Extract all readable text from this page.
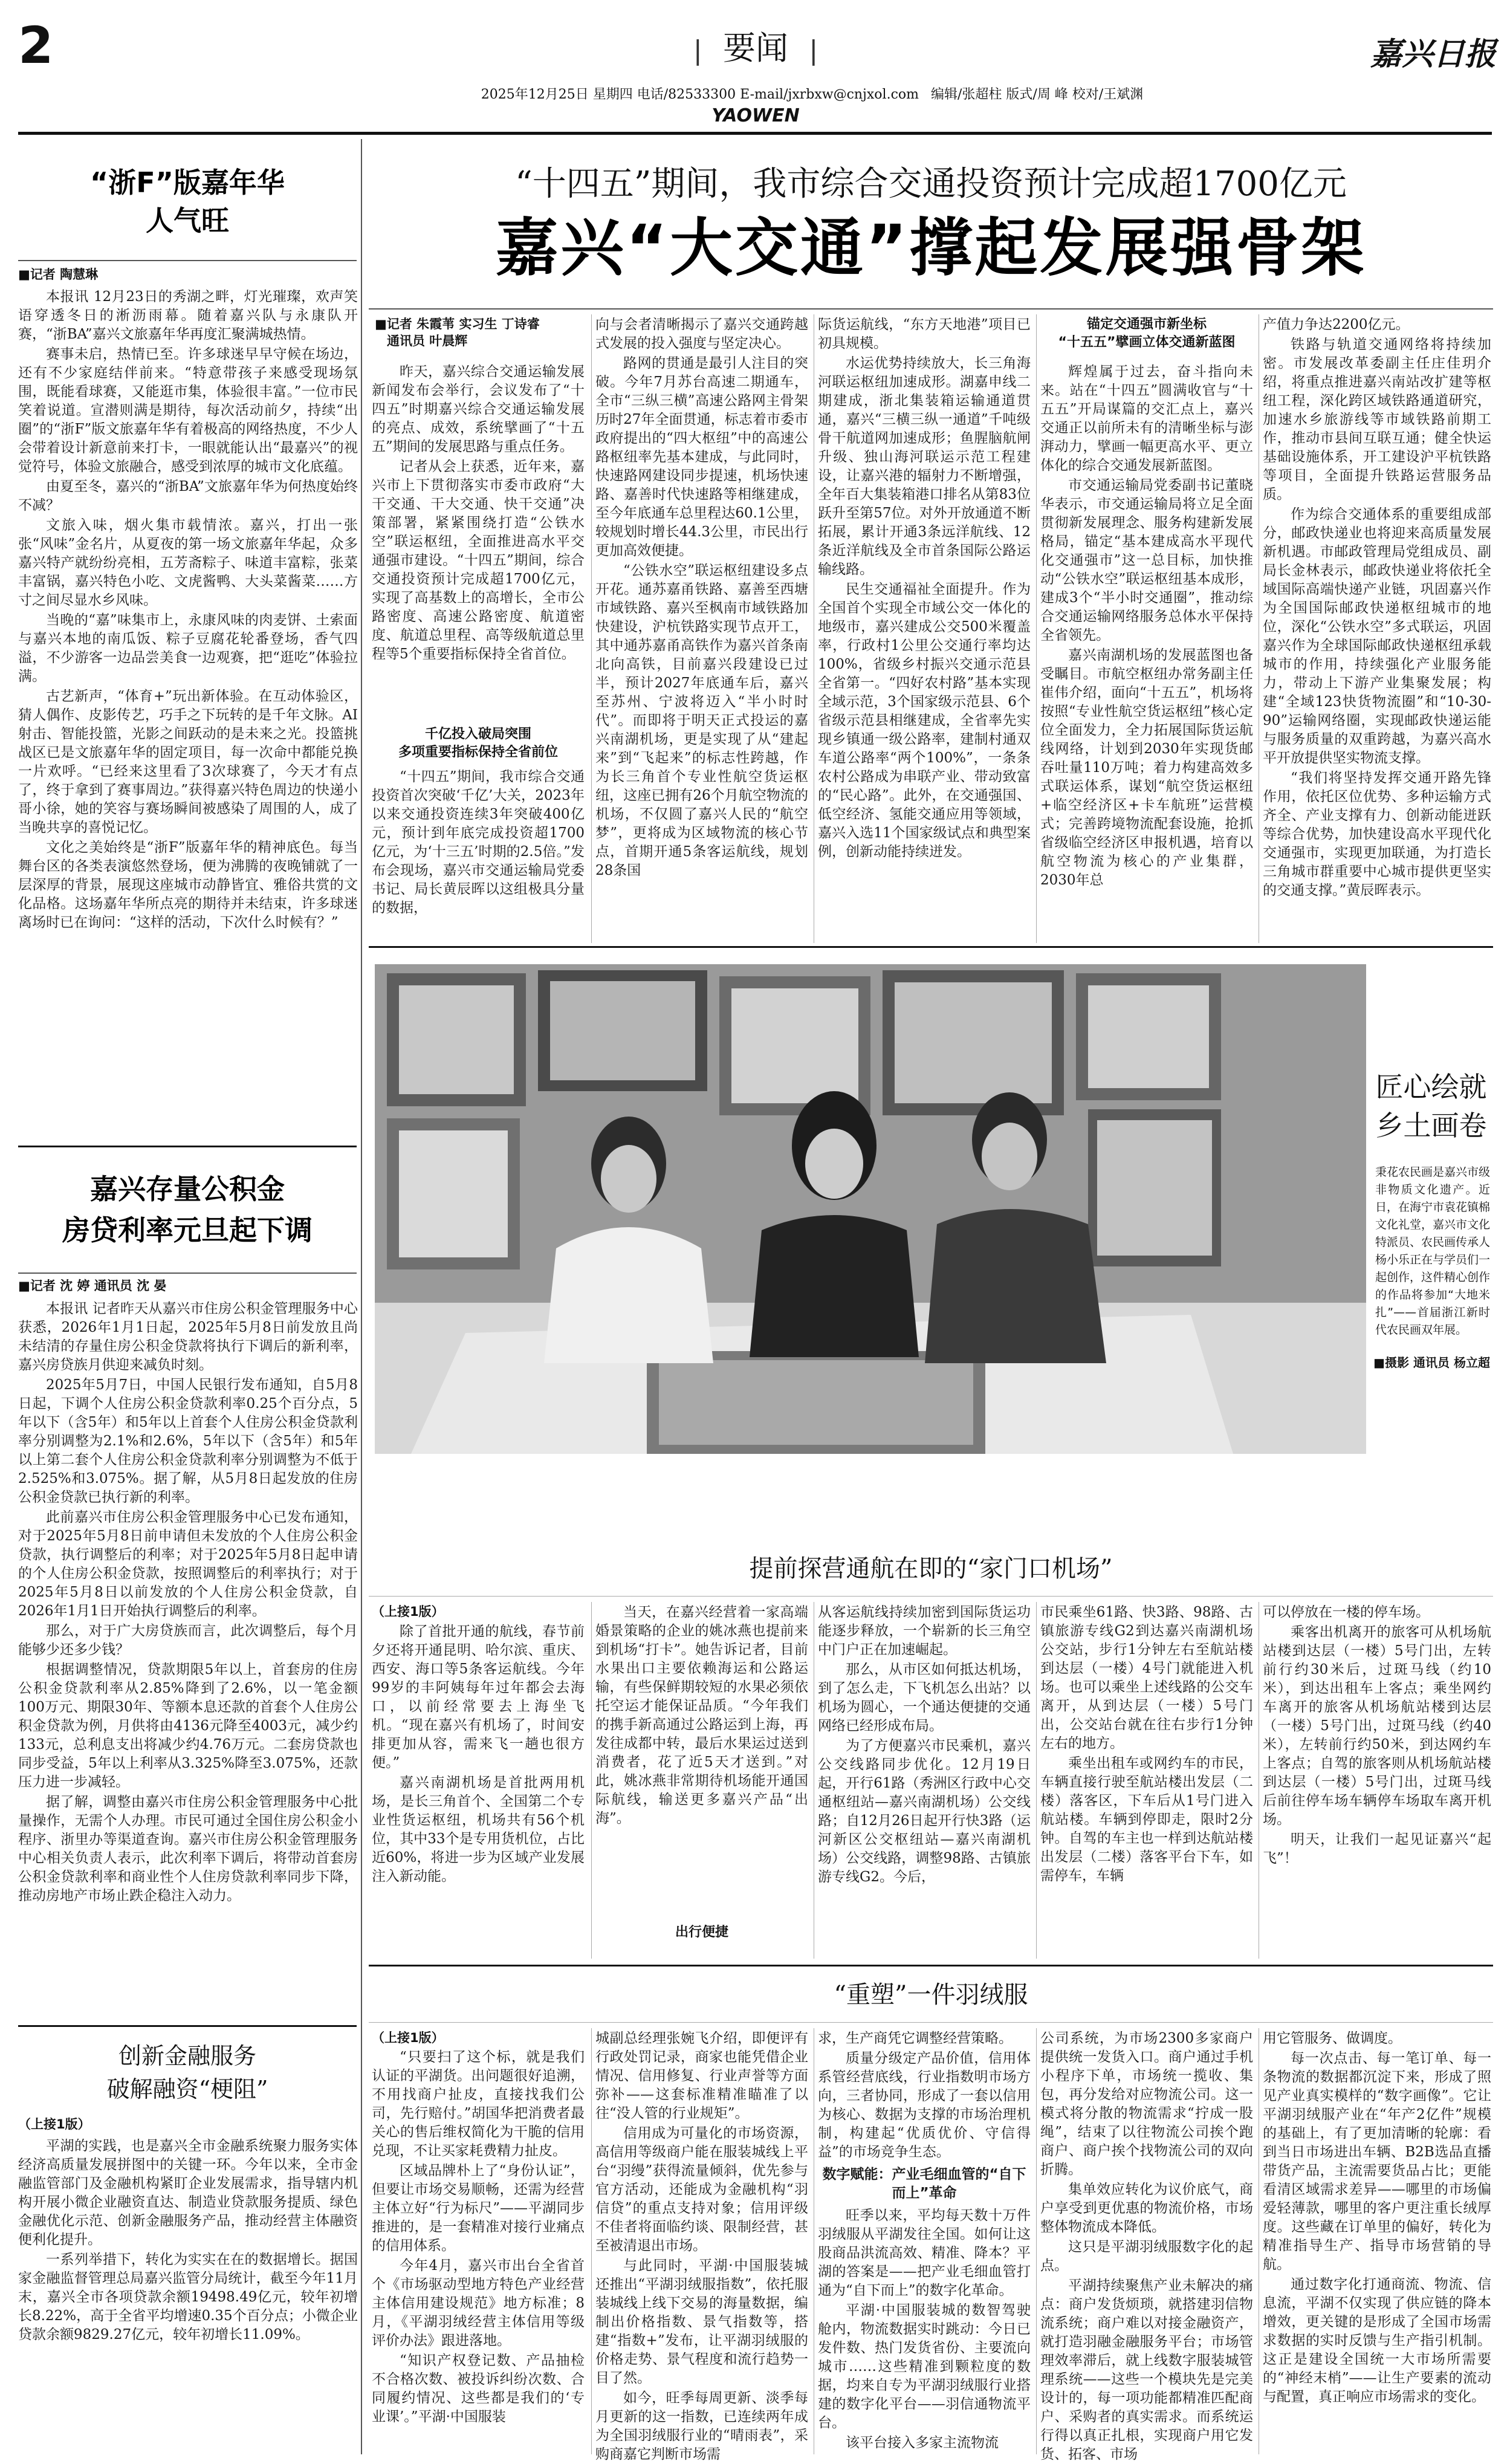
2	| 要闻 |	嘉兴日报
2025年12月25日 星期四 电话/82533300 E-mail/jxrbxw@cnjxol.com 编辑/张超柱 版式/周 峰 校对/王斌渊
YAOWEN
“浙F”版嘉年华
人气旺
■记者 陶慧琳

本报讯 12月23日的秀湖之畔，灯光璀璨，欢声笑语穿透冬日的淅沥雨幕。随着嘉兴队与永康队开赛，“浙BA”嘉兴文旅嘉年华再度汇聚满城热情。

赛事未启，热情已至。许多球迷早早守候在场边，还有不少家庭结伴前来。“特意带孩子来感受现场氛围，既能看球赛，又能逛市集，体验很丰富。”一位市民笑着说道。宣潜则满是期待，每次活动前夕，持续“出圈”的“浙F”版文旅嘉年华有着极高的网络热度，不少人会带着设计新意前来打卡，一眼就能认出“最嘉兴”的视觉符号，体验文旅融合，感受到浓厚的城市文化底蕴。

由夏至冬，嘉兴的“浙BA”文旅嘉年华为何热度始终不减？

文旅入味，烟火集市载情浓。嘉兴，打出一张张“风味”金名片，从夏夜的第一场文旅嘉年华起，众多嘉兴特产就纷纷亮相，五芳斋粽子、味道丰富粽，张菜丰富锅，嘉兴特色小吃、文虎酱鸭、大头菜酱菜……方寸之间尽显水乡风味。

当晚的“嘉”味集市上，永康风味的肉麦饼、土索面与嘉兴本地的南瓜饭、粽子豆腐花轮番登场，香气四溢，不少游客一边品尝美食一边观赛，把“逛吃”体验拉满。

古艺新声，“体育+”玩出新体验。在互动体验区，猜人偶作、皮影传艺，巧手之下玩转的是千年文脉。AI射击、智能投篮，光影之间跃动的是未来之光。投篮挑战区已是文旅嘉年华的固定项目，每一次命中都能兑换一片欢呼。“已经来这里看了3次球赛了，今天才有点了，终于拿到了赛事周边。”获得嘉兴特色周边的快递小哥小徐，她的笑容与赛场瞬间被感染了周围的人，成了当晚共享的喜悦记忆。

文化之美始终是“浙F”版嘉年华的精神底色。每当舞台区的各类表演悠然登场，便为沸腾的夜晚铺就了一层深厚的背景，展现这座城市动静皆宜、雅俗共赏的文化品格。这场嘉年华所点亮的期待并未结束，许多球迷离场时已在询问：“这样的活动，下次什么时候有？”

嘉兴存量公积金
房贷利率元旦起下调
■记者 沈 婷 通讯员 沈 晏

本报讯 记者昨天从嘉兴市住房公积金管理服务中心获悉，2026年1月1日起，2025年5月8日前发放且尚未结清的存量住房公积金贷款将执行下调后的新利率，嘉兴房贷族月供迎来减负时刻。

2025年5月7日，中国人民银行发布通知，自5月8日起，下调个人住房公积金贷款利率0.25个百分点，5年以下（含5年）和5年以上首套个人住房公积金贷款利率分别调整为2.1%和2.6%，5年以下（含5年）和5年以上第二套个人住房公积金贷款利率分别调整为不低于2.525%和3.075%。据了解，从5月8日起发放的住房公积金贷款已执行新的利率。

此前嘉兴市住房公积金管理服务中心已发布通知，对于2025年5月8日前申请但未发放的个人住房公积金贷款，执行调整后的利率；对于2025年5月8日起申请的个人住房公积金贷款，按照调整后的利率执行；对于2025年5月8日以前发放的个人住房公积金贷款，自2026年1月1日开始执行调整后的利率。

那么，对于广大房贷族而言，此次调整后，每个月能够少还多少钱？

根据调整情况，贷款期限5年以上，首套房的住房公积金贷款利率从2.85%降到了2.6%，以一笔金额100万元、期限30年、等额本息还款的首套个人住房公积金贷款为例，月供将由4136元降至4003元，减少约133元，总利息支出将减少约4.76万元。二套房贷款也同步受益，5年以上利率从3.325%降至3.075%，还款压力进一步减轻。

据了解，调整由嘉兴市住房公积金管理服务中心批量操作，无需个人办理。市民可通过全国住房公积金小程序、浙里办等渠道查询。嘉兴市住房公积金管理服务中心相关负责人表示，此次利率下调后，将带动首套房公积金贷款利率和商业性个人住房贷款利率同步下降，推动房地产市场止跌企稳注入动力。

创新金融服务
破解融资“梗阻”
（上接1版）

平湖的实践，也是嘉兴全市金融系统聚力服务实体经济高质量发展拼图中的关键一环。今年以来，全市金融监管部门及金融机构紧盯企业发展需求，指导辖内机构开展小微企业融资直达、制造业贷款服务提质、绿色金融优化示范、创新金融服务产品，推动经营主体融资便利化提升。

一系列举措下，转化为实实在在的数据增长。据国家金融监督管理总局嘉兴监管分局统计，截至今年11月末，嘉兴全市各项贷款余额19498.49亿元，较年初增长8.22%，高于全省平均增速0.35个百分点；小微企业贷款余额9829.27亿元，较年初增长11.09%。

“十四五”期间，我市综合交通投资预计完成超1700亿元
嘉兴“大交通”撑起发展强骨架
■记者 朱霞苇 实习生 丁诗睿
通讯员 叶晨辉

昨天，嘉兴综合交通运输发展新闻发布会举行，会议发布了“十四五”时期嘉兴综合交通运输发展的亮点、成效，系统擘画了“十五五”期间的发展思路与重点任务。

记者从会上获悉，近年来，嘉兴市上下贯彻落实市委市政府“大干交通、干大交通、快干交通”决策部署，紧紧围绕打造“公铁水空”联运枢纽，全面推进高水平交通强市建设。“十四五”期间，综合交通投资预计完成超1700亿元，实现了高基数上的高增长，全市公路密度、高速公路密度、航道密度、航道总里程、高等级航道总里程等5个重要指标保持全省首位。

千亿投入破局突围
多项重要指标保持全省前位

“十四五”期间，我市综合交通投资首次突破‘千亿’大关，2023年以来交通投资连续3年突破400亿元，预计到年底完成投资超1700亿元，为‘十三五’时期的2.5倍。”发布会现场，嘉兴市交通运输局党委书记、局长黄辰晖以这组极具分量的数据，

向与会者清晰揭示了嘉兴交通跨越式发展的投入强度与坚定决心。

路网的贯通是最引人注目的突破。今年7月苏台高速二期通车，全市“三纵三横”高速公路网主骨架历时27年全面贯通，标志着市委市政府提出的“四大枢纽”中的高速公路枢纽率先基本建成，与此同时，快速路网建设同步提速，机场快速路、嘉善时代快速路等相继建成，至今年底通车总里程达60.1公里，较规划时增长44.3公里，市民出行更加高效便捷。

“公铁水空”联运枢纽建设多点开花。通苏嘉甬铁路、嘉善至西塘市域铁路、嘉兴至枫南市域铁路加快建设，沪杭铁路实现节点开工，其中通苏嘉甬高铁作为嘉兴首条南北向高铁，目前嘉兴段建设已过半，预计2027年底通车后，嘉兴至苏州、宁波将迈入“半小时时代”。而即将于明天正式投运的嘉兴南湖机场，更是实现了从“建起来”到“飞起来”的标志性跨越，作为长三角首个专业性航空货运枢纽，这座已拥有26个月航空物流的机场，不仅圆了嘉兴人民的“航空梦”，更将成为区域物流的核心节点，首期开通5条客运航线，规划28条国

际货运航线，“东方天地港”项目已初具规模。

水运优势持续放大，长三角海河联运枢纽加速成形。湖嘉申线二期建成，浙北集装箱运输通道贯通，嘉兴“三横三纵一通道”千吨级骨干航道网加速成形；鱼腥脑航闸升级、独山海河联运示范工程建设，让嘉兴港的辐射力不断增强，全年百大集装箱港口排名从第83位跃升至第57位。对外开放通道不断拓展，累计开通3条远洋航线、12条近洋航线及全市首条国际公路运输线路。

民生交通福祉全面提升。作为全国首个实现全市域公交一体化的地级市，嘉兴建成公交500米覆盖率，行政村1公里公交通行率均达100%，省级乡村振兴交通示范县全省第一。“四好农村路”基本实现全域示范，3个国家级示范县、6个省级示范县相继建成，全省率先实现乡镇通一级公路率，建制村通双车道公路率“两个100%”，一条条农村公路成为串联产业、带动致富的“民心路”。此外，在交通强国、低空经济、氢能交通应用等领域，嘉兴入选11个国家级试点和典型案例，创新动能持续迸发。

锚定交通强市新坐标
“十五五”擘画立体交通新蓝图

辉煌属于过去，奋斗指向未来。站在“十四五”圆满收官与“十五五”开局谋篇的交汇点上，嘉兴交通正以前所未有的清晰坐标与澎湃动力，擘画一幅更高水平、更立体化的综合交通发展新蓝图。

市交通运输局党委副书记董晓华表示，市交通运输局将立足全面贯彻新发展理念、服务构建新发展格局，锚定“基本建成高水平现代化交通强市”这一总目标，加快推动“公铁水空”联运枢纽基本成形，建成3个“半小时交通圈”，推动综合交通运输网络服务总体水平保持全省领先。

嘉兴南湖机场的发展蓝图也备受瞩目。市航空枢纽办常务副主任崔伟介绍，面向“十五五”，机场将按照“专业性航空货运枢纽”核心定位全面发力，全力拓展国际货运航线网络，计划到2030年实现货邮吞吐量110万吨；着力构建高效多式联运体系，谋划“航空货运枢纽+临空经济区+卡车航班”运营模式；完善跨境物流配套设施，抢抓省级临空经济区申报机遇，培育以航空物流为核心的产业集群，2030年总

产值力争达2200亿元。

铁路与轨道交通网络将持续加密。市发展改革委副主任庄佳玥介绍，将重点推进嘉兴南站改扩建等枢纽工程，深化跨区域铁路通道研究，加速水乡旅游线等市域铁路前期工作，推动市县间互联互通；健全快运基础设施体系，开工建设沪平杭铁路等项目，全面提升铁路运营服务品质。

作为综合交通体系的重要组成部分，邮政快递业也将迎来高质量发展新机遇。市邮政管理局党组成员、副局长金林表示，邮政快递业将依托全域国际高端快递产业链，巩固嘉兴作为全国国际邮政快递枢纽城市的地位，深化“公铁水空”多式联运，巩固嘉兴作为全球国际邮政快递枢纽承载城市的作用，持续强化产业服务能力，带动上下游产业集聚发展；构建“全域123快货物流圈”和“10-30-90”运输网络圈，实现邮政快递运能与服务质量的双重跨越，为嘉兴高水平开放提供坚实物流支撑。

“我们将坚持发挥交通开路先锋作用，依托区位优势、多种运输方式齐全、产业支撑有力、创新动能迸跃等综合优势，加快建设高水平现代化交通强市，实现更加联通，为打造长三角城市群重要中心城市提供更坚实的交通支撑。”黄辰晖表示。

匠心绘就
乡土画卷
秉花农民画是嘉兴市级非物质文化遗产。近日，在海宁市袁花镇棉文化礼堂，嘉兴市文化特派员、农民画传承人杨小乐正在与学员们一起创作，这件精心创作的作品将参加“大地米扎”——首届浙江新时代农民画双年展。
■摄影 通讯员 杨立超
提前探营通航在即的“家门口机场”
（上接1版）

除了首批开通的航线，春节前夕还将开通昆明、哈尔滨、重庆、西安、海口等5条客运航线。今年99岁的丰阿姨每年过年都会去海口，以前经常要去上海坐飞机。“现在嘉兴有机场了，时间安排更加从容，需来飞一趟也很方便。”

嘉兴南湖机场是首批两用机场，是长三角首个、全国第二个专业性货运枢纽，机场共有56个机位，其中33个是专用货机位，占比近60%，将进一步为区域产业发展注入新动能。

当天，在嘉兴经营着一家高端婚景策略的企业的姚冰燕也提前来到机场“打卡”。她告诉记者，目前水果出口主要依赖海运和公路运输，有些保鲜期较短的水果必须依托空运才能保证品质。“今年我们的携手新高通过公路运到上海，再发往成都中转，最后水果运过送到消费者，花了近5天才送到。”对此，姚冰燕非常期待机场能开通国际航线，输送更多嘉兴产品“出海”。

出行便捷

从客运航线持续加密到国际货运功能逐步释放，一个崭新的长三角空中门户正在加速崛起。

那么，从市区如何抵达机场，到了怎么走，下飞机怎么出站？以机场为圆心，一个通达便捷的交通网络已经形成布局。

为了方便嘉兴市民乘机，嘉兴公交线路同步优化。12月19日起，开行61路（秀洲区行政中心交通枢纽站—嘉兴南湖机场）公交线路；自12月26日起开行快3路（运河新区公交枢纽站—嘉兴南湖机场）公交线路，调整98路、古镇旅游专线G2。今后，

市民乘坐61路、快3路、98路、古镇旅游专线G2到达嘉兴南湖机场公交站，步行1分钟左右至航站楼到达层（一楼）4号门就能进入机场。也可以乘坐上述线路的公交车离开，从到达层（一楼）5号门出，公交站台就在往右步行1分钟左右的地方。

乘坐出租车或网约车的市民，车辆直接行驶至航站楼出发层（二楼）落客区，下车后从1号门进入航站楼。车辆到停即走，限时2分钟。自驾的车主也一样到达航站楼出发层（二楼）落客平台下车，如需停车，车辆

可以停放在一楼的停车场。

乘客出机离开的旅客可从机场航站楼到达层（一楼）5号门出，左转前行约30米后，过斑马线（约10米），到达出租车上客点；乘坐网约车离开的旅客从机场航站楼到达层（一楼）5号门出，过斑马线（约40米），左转前行约50米，到达网约车上客点；自驾的旅客则从机场航站楼到达层（一楼）5号门出，过斑马线后前往停车场车辆停车场取车离开机场。

明天，让我们一起见证嘉兴“起飞”！

“重塑”一件羽绒服
（上接1版）

“只要扫了这个标，就是我们认证的平湖货。出问题很好追溯，不用找商户扯皮，直接找我们公司，先行赔付。”胡国华把消费者最关心的售后维权简化为干脆的信用兑现，不让买家耗费精力扯皮。

区域品牌朴上了“身份认证”，但要让市场交易顺畅，还需为经营主体立好“行为标尺”——平湖同步推进的，是一套精准对接行业痛点的信用体系。

今年4月，嘉兴市出台全省首个《市场驱动型地方特色产业经营主体信用建设规范》地方标准；8月，《平湖羽绒经营主体信用等级评价办法》跟进落地。

“知识产权登记数、产品抽检不合格次数、被投诉纠纷次数、合同履约情况、这些都是我们的‘专业课’。”平湖·中国服装

城副总经理张婉飞介绍，即便评有行政处罚记录，商家也能凭借企业情况、信用修复、行业声誉等方面弥补——这套标准精准瞄准了以往“没人管的行业规矩”。

信用成为可量化的市场资源，高信用等级商户能在服装城线上平台“羽缦”获得流量倾斜，优先参与官方活动，还能成为金融机构“羽信贷”的重点支持对象；信用评级不佳者将面临约谈、限制经营，甚至被清退出市场。

与此同时，平湖·中国服装城还推出“平湖羽绒服指数”，依托服装城线上线下交易的海量数据，编制出价格指数、景气指数等，搭建“指数+”发布，让平湖羽绒服的价格走势、景气程度和流行趋势一目了然。

如今，旺季每周更新、淡季每月更新的这一指数，已连续两年成为全国羽绒服行业的“晴雨表”，采购商嘉它判断市场需

求，生产商凭它调整经营策略。

质量分级定产品价值，信用体系管经营底线，行业指数明市场方向，三者协同，形成了一套以信用为核心、数据为支撑的市场治理机制，构建起“优质优价、守信得益”的市场竞争生态。

数字赋能：产业毛细血管的“自下而上”革命

旺季以来，平均每天数十万件羽绒服从平湖发往全国。如何让这股商品洪流高效、精准、降本？平湖的答案是——把产业毛细血管打通为“自下而上”的数字化革命。

平湖·中国服装城的数智驾驶舱内，物流数据实时跳动：今日已发件数、热门发货省份、主要流向城市……这些精准到颗粒度的数据，均来自专为平湖羽绒服行业搭建的数字化平台——羽信通物流平台。

该平台接入多家主流物流

公司系统，为市场2300多家商户提供统一发货入口。商户通过手机小程序下单，市场统一揽收、集包，再分发给对应物流公司。这一模式将分散的物流需求“拧成一股绳”，结束了以往物流公司挨个跑商户、商户挨个找物流公司的双向折腾。

集单效应转化为议价底气，商户享受到更优惠的物流价格，市场整体物流成本降低。

这只是平湖羽绒服数字化的起点。

平湖持续聚焦产业未解决的痛点：商户发货烦琐，就搭建羽信物流系统；商户难以对接金融资产，就打造羽融金融服务平台；市场管理效率滞后，就上线数字服装城管理系统——这些一个模块先是完美设计的，每一项功能都精准匹配商户、采购者的真实需求。而系统运行得以真正扎根，实现商户用它发货、拓客、市场

用它管服务、做调度。

每一次点击、每一笔订单、每一条物流的数据都沉淀下来，形成了照见产业真实模样的“数字画像”。它让平湖羽绒服产业在“年产2亿件”规模的基础上，有了更加清晰的轮廓：看到当日市场进出车辆、B2B选品直播带货产品，主流需要货品占比；更能看清区域需求差异——哪里的市场偏爱轻薄款，哪里的客户更注重长绒厚度。这些藏在订单里的偏好，转化为精准指导生产、指导市场营销的导航。

通过数字化打通商流、物流、信息流，平湖不仅实现了供应链的降本增效，更关键的是形成了全国市场需求数据的实时反馈与生产指引机制。这正是建设全国统一大市场所需要的“神经末梢”——让生产要素的流动与配置，真正响应市场需求的变化。
